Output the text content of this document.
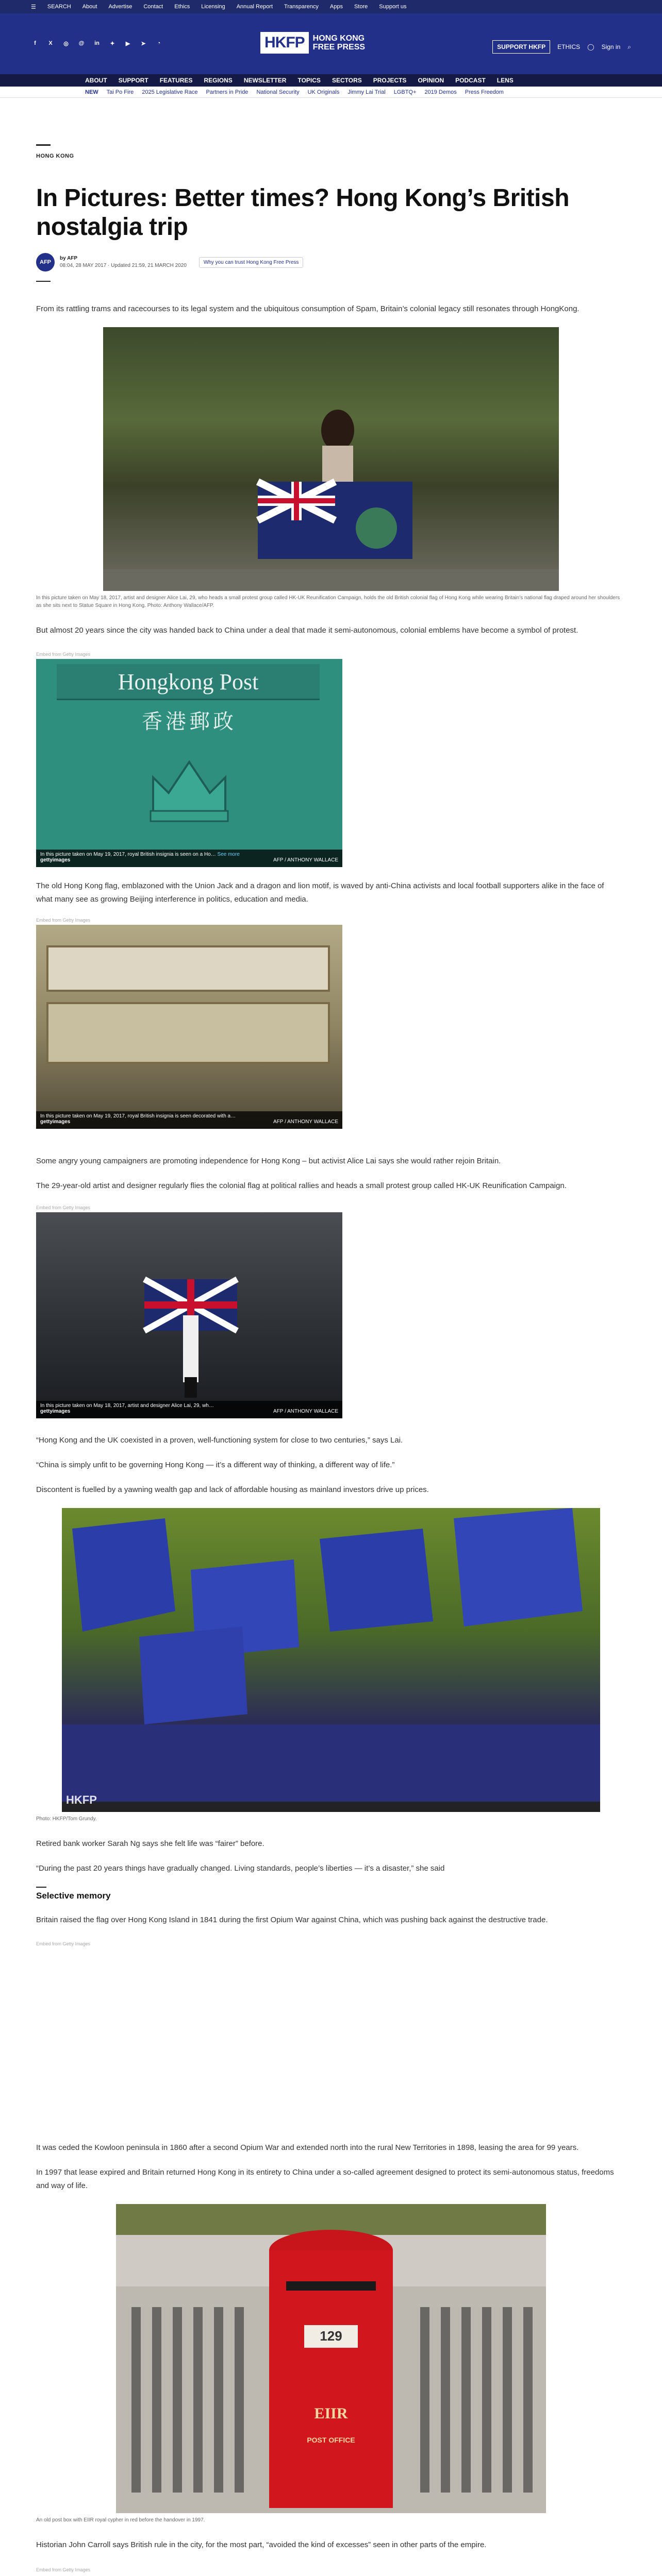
☰ SEARCH About Advertise Contact Ethics Licensing Annual Report Transparency Apps Store Support us
f	X	◎ @ in	✦	▶	➤	◔	HKFP	HONG KONG
FREE PRESS	SUPPORT HKFP	ETHICS ◯ Sign in ⌕
ABOUT SUPPORT FEATURES REGIONS NEWSLETTER TOPICS SECTORS PROJECTS OPINION PODCAST LENS
NEW Tai Po Fire 2025 Legislative Race Partners in Pride National Security UK Originals Jimmy Lai Trial LGBTQ+ 2019 Demos Press Freedom
HONG KONG
In Pictures: Better times? Hong Kong’s British nostalgia trip
AFP
by AFP
08:04, 28 MAY 2017 · Updated 21:59, 21 MARCH 2020
Why you can trust Hong Kong Free Press

From its rattling trams and racecourses to its legal system and the ubiquitous consumption of Spam, Britain’s colonial legacy still resonates through HongKong.

In this picture taken on May 18, 2017, artist and designer Alice Lai, 29, who heads a small protest group called HK-UK Reunification Campaign, holds the old British colonial flag of Hong Kong while wearing Britain’s national flag draped around her shoulders as she sits next to Statue Square in Hong Kong. Photo: Anthony Wallace/AFP.

But almost 20 years since the city was handed back to China under a deal that made it semi-autonomous, colonial emblems have become a symbol of protest.

Embed from Getty Images
Hongkong Post
香港郵政
In this picture taken on May 19, 2017, royal British insignia is seen on a Ho… See more
gettyimages	AFP / ANTHONY WALLACE

The old Hong Kong flag, emblazoned with the Union Jack and a dragon and lion motif, is waved by anti-China activists and local football supporters alike in the face of what many see as growing Beijing interference in politics, education and media.

Embed from Getty Images
In this picture taken on May 19, 2017, royal British insignia is seen decorated with a…
gettyimages	AFP / ANTHONY WALLACE

Some angry young campaigners are promoting independence for Hong Kong – but activist Alice Lai says she would rather rejoin Britain.

The 29-year-old artist and designer regularly flies the colonial flag at political rallies and heads a small protest group called HK-UK Reunification Campaign.

Embed from Getty Images
In this picture taken on May 18, 2017, artist and designer Alice Lai, 29, wh…
gettyimages	AFP / ANTHONY WALLACE

“Hong Kong and the UK coexisted in a proven, well-functioning system for close to two centuries,” says Lai.

“China is simply unfit to be governing Hong Kong — it’s a different way of thinking, a different way of life.”

Discontent is fuelled by a yawning wealth gap and lack of affordable housing as mainland investors drive up prices.

HKFP
Photo: HKFP/Tom Grundy.

Retired bank worker Sarah Ng says she felt life was “fairer” before.

“During the past 20 years things have gradually changed. Living standards, people’s liberties — it’s a disaster,” she said

Selective memory

Britain raised the flag over Hong Kong Island in 1841 during the first Opium War against China, which was pushing back against the destructive trade.

Embed from Getty Images

It was ceded the Kowloon peninsula in 1860 after a second Opium War and extended north into the rural New Territories in 1898, leasing the area for 99 years.

In 1997 that lease expired and Britain returned Hong Kong in its entirety to China under a so-called agreement designed to protect its semi-autonomous status, freedoms and way of life.

129
EIIR
POST OFFICE
An old post box with EIIR royal cypher in red before the handover in 1997.

Historian John Carroll says British rule in the city, for the most part, “avoided the kind of excesses” seen in other parts of the empire.

Embed from Getty Images
